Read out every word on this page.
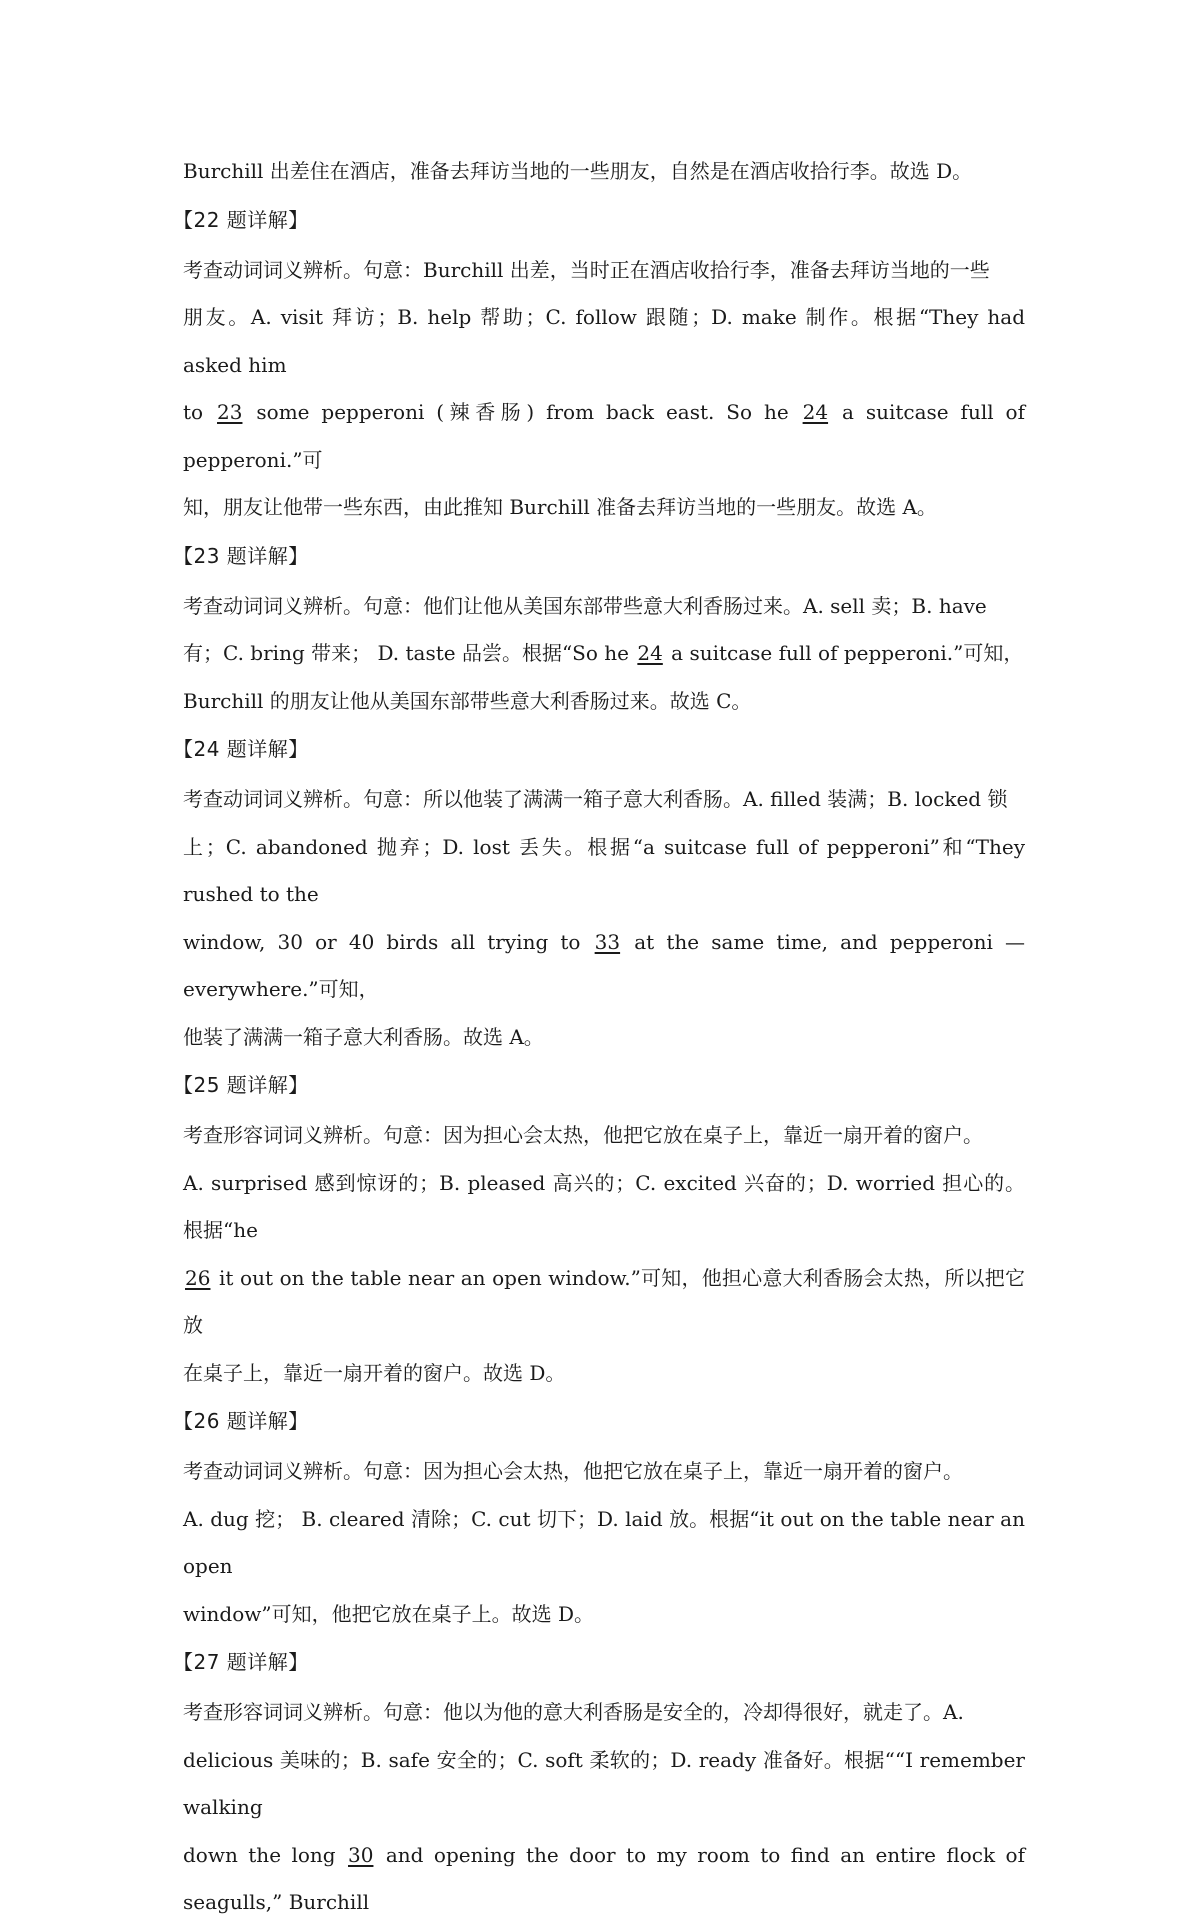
Burchill 出差住在酒店，准备去拜访当地的一些朋友，自然是在酒店收拾行李。故选 D。

【22 题详解】

考查动词词义辨析。句意：Burchill 出差，当时正在酒店收拾行李，准备去拜访当地的一些
朋友。A. visit 拜访；B. help 帮助；C. follow 跟随；D. make 制作。根据“They had asked him
to 23 some pepperoni (辣香肠) from back east. So he 24 a suitcase full of pepperoni.”可
知，朋友让他带一些东西，由此推知 Burchill 准备去拜访当地的一些朋友。故选 A。

【23 题详解】

考查动词词义辨析。句意：他们让他从美国东部带些意大利香肠过来。A. sell 卖；B. have
有；C. bring 带来； D. taste 品尝。根据“So he 24 a suitcase full of pepperoni.”可知，
Burchill 的朋友让他从美国东部带些意大利香肠过来。故选 C。

【24 题详解】

考查动词词义辨析。句意：所以他装了满满一箱子意大利香肠。A. filled 装满；B. locked 锁
上；C. abandoned 抛弃；D. lost 丢失。根据“a suitcase full of pepperoni”和“They rushed to the
window, 30 or 40 birds all trying to 33 at the same time, and pepperoni — everywhere.”可知，
他装了满满一箱子意大利香肠。故选 A。

【25 题详解】

考查形容词词义辨析。句意：因为担心会太热，他把它放在桌子上，靠近一扇开着的窗户。
A. surprised 感到惊讶的；B. pleased 高兴的；C. excited 兴奋的；D. worried 担心的。根据“he
26 it out on the table near an open window.”可知，他担心意大利香肠会太热，所以把它放
在桌子上，靠近一扇开着的窗户。故选 D。

【26 题详解】

考查动词词义辨析。句意：因为担心会太热，他把它放在桌子上，靠近一扇开着的窗户。
A. dug 挖； B. cleared 清除；C. cut 切下；D. laid 放。根据“it out on the table near an open
window”可知，他把它放在桌子上。故选 D。

【27 题详解】

考查形容词词义辨析。句意：他以为他的意大利香肠是安全的，冷却得很好，就走了。A.
delicious 美味的；B. safe 安全的；C. soft 柔软的；D. ready 准备好。根据““I remember walking
down the long 30 and opening the door to my room to find an entire flock of seagulls,” Burchill
